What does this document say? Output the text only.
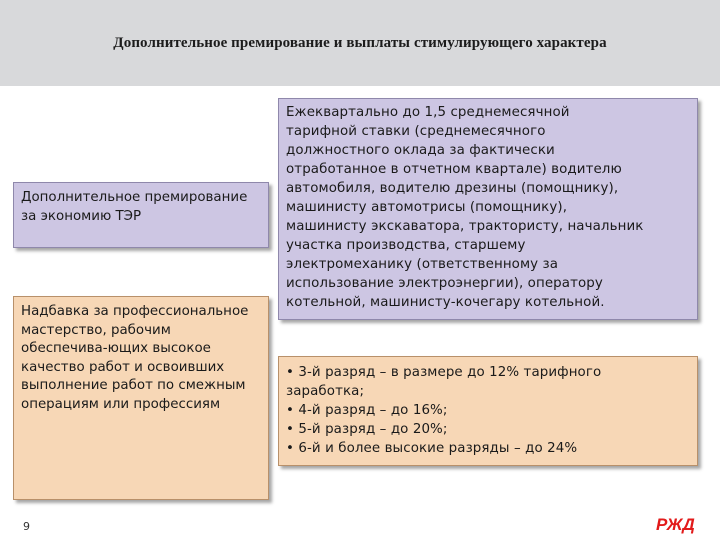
Дополнительное премирование и выплаты стимулирующего характера
Дополнительное премирование за экономию ТЭР
Надбавка за профессиональное мастерство, рабочим обеспечива-ющих высокое качество работ и освоивших выполнение работ по смежным операциям или профессиям
Ежеквартально до 1,5 среднемесячной
тарифной ставки (среднемесячного
должностного оклада за фактически
отработанное в отчетном квартале) водителю
автомобиля, водителю дрезины (помощнику),
машинисту автомотрисы (помощнику),
машинисту экскаватора, трактористу, начальник
участка производства, старшему
электромеханику (ответственному за
использование электроэнергии), оператору
котельной, машинисту-кочегару котельной.
• 3-й разряд – в размере до 12% тарифного
заработка;
• 4-й разряд – до 16%;
• 5-й разряд – до 20%;
• 6-й и более высокие разряды – до 24%
9	РЖД
